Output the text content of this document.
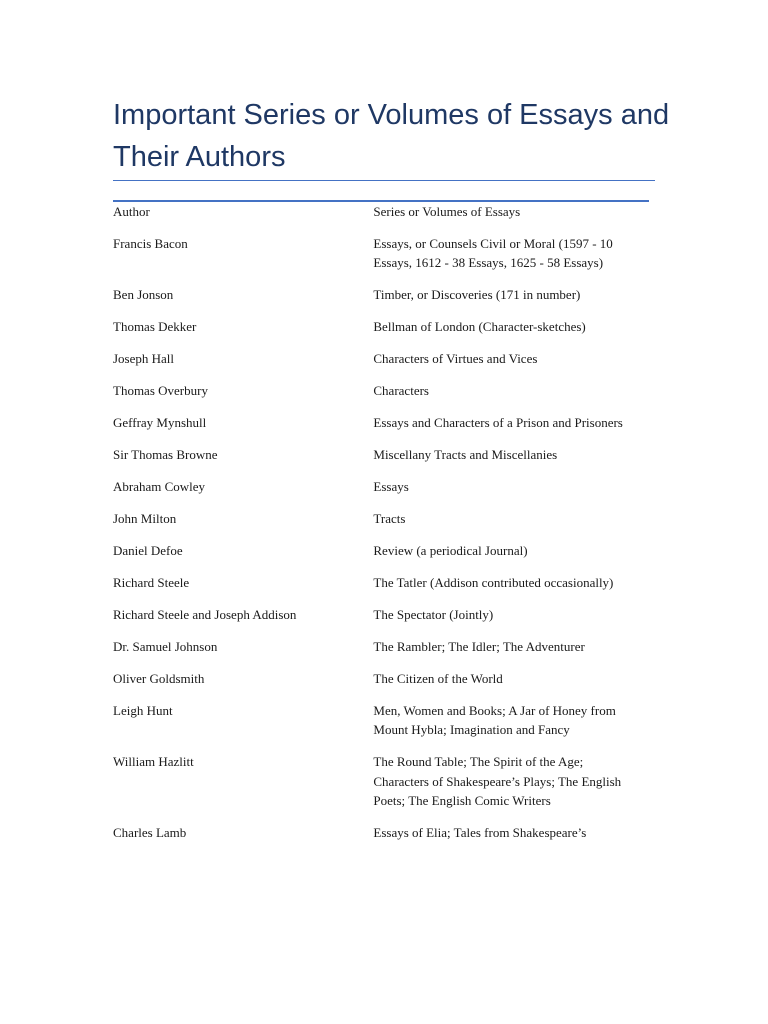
Important Series or Volumes of Essays and Their Authors
Author	Series or Volumes of Essays
Francis Bacon	Essays, or Counsels Civil or Moral (1597 - 10 Essays, 1612 - 38 Essays, 1625 - 58 Essays)
Ben Jonson	Timber, or Discoveries (171 in number)
Thomas Dekker	Bellman of London (Character-sketches)
Joseph Hall	Characters of Virtues and Vices
Thomas Overbury	Characters
Geffray Mynshull	Essays and Characters of a Prison and Prisoners
Sir Thomas Browne	Miscellany Tracts and Miscellanies
Abraham Cowley	Essays
John Milton	Tracts
Daniel Defoe	Review (a periodical Journal)
Richard Steele	The Tatler (Addison contributed occasionally)
Richard Steele and Joseph Addison	The Spectator (Jointly)
Dr. Samuel Johnson	The Rambler; The Idler; The Adventurer
Oliver Goldsmith	The Citizen of the World
Leigh Hunt	Men, Women and Books; A Jar of Honey from Mount Hybla; Imagination and Fancy
William Hazlitt	The Round Table; The Spirit of the Age; Characters of Shakespeare’s Plays; The English Poets; The English Comic Writers
Charles Lamb	Essays of Elia; Tales from Shakespeare’s
